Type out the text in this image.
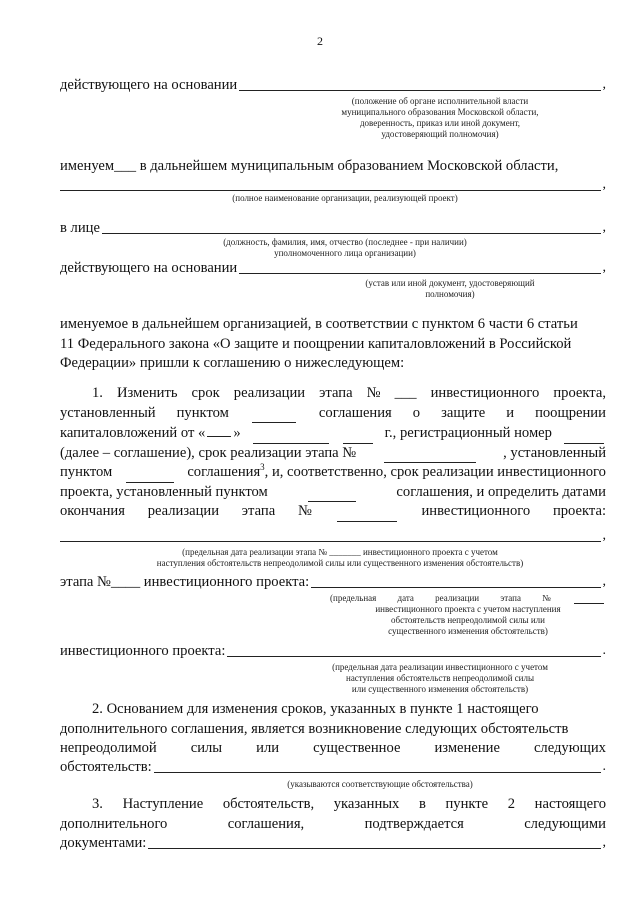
2
действующего на основании	,
(положение об органе исполнительной власти
муниципального образования Московской области,
доверенность, приказ или иной документ,
удостоверяющий полномочия)
именуем___ в дальнейшем муниципальным образованием Московской области,
,
(полное наименование организации, реализующей проект)
в лице	,
(должность, фамилия, имя, отчество (последнее - при наличии)
уполномоченного лица организации)
действующего на основании	,
(устав или иной документ, удостоверяющий
полномочия)
именуемое в дальнейшем организацией, в соответствии с пунктом 6 части 6 статьи
11 Федерального закона «О защите и поощрении капиталовложений в Российской
Федерации» пришли к соглашению о нижеследующем:
1. Изменить срок реализации этапа № ___ инвестиционного проекта,
установленный пунктом	соглашения о защите и поощрении
капиталовложений от « »	г., регистрационный номер
(далее – соглашение), срок реализации этапа №	, установленный
пунктом	соглашения$^3$, и, соответственно, срок реализации инвестиционного
проекта, установленный пунктом	соглашения, и определить датами
окончания реализации этапа №	инвестиционного проекта:
,
(предельная дата реализации этапа № _______ инвестиционного проекта с учетом
наступления обстоятельств непреодолимой силы или существенного изменения обстоятельств)
этапа №____ инвестиционного проекта:	,
(предельная дата реализации этапа №
инвестиционного проекта с учетом наступления
обстоятельств непреодолимой силы или
существенного изменения обстоятельств)
инвестиционного проекта:	.
(предельная дата реализации инвестиционного с учетом
наступления обстоятельств непреодолимой силы
или существенного изменения обстоятельств)
2. Основанием для изменения сроков, указанных в пункте 1 настоящего
дополнительного соглашения, является возникновение следующих обстоятельств
непреодолимой силы или существенное изменение следующих
обстоятельств:	.
(указываются соответствующие обстоятельства)
3. Наступление обстоятельств, указанных в пункте 2 настоящего
дополнительного	соглашения,	подтверждается	следующими
документами:	,
